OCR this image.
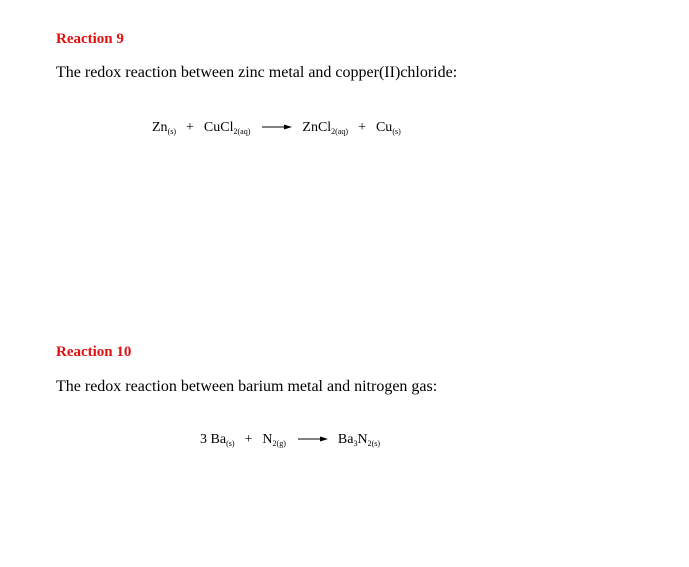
Reaction 9

The redox reaction between zinc metal and copper(II)chloride:

Zn (s) + CuCl 2 (aq) → ZnCl 2 (aq) + Cu (s)

Reaction 10

The redox reaction between barium metal and nitrogen gas:

3 Ba (s) + N 2 (g) → Ba 3 N 2 (s)
